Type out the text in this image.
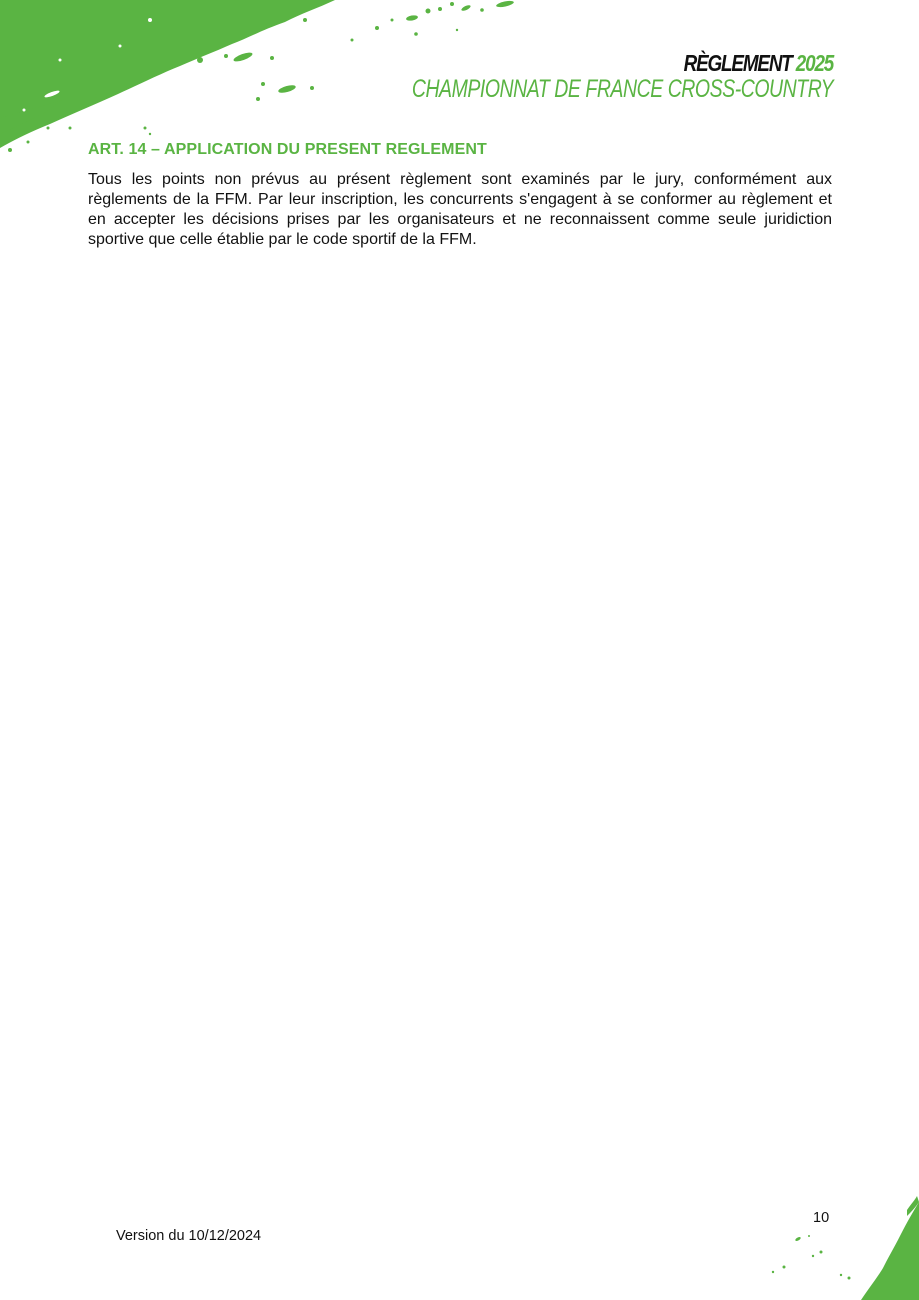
RÈGLEMENT 2025
CHAMPIONNAT DE FRANCE CROSS-COUNTRY
ART. 14 – APPLICATION DU PRESENT REGLEMENT

Tous les points non prévus au présent règlement sont examinés par le jury, conformément aux règlements de la FFM. Par leur inscription, les concurrents s'engagent à se conformer au règlement et en accepter les décisions prises par les organisateurs et ne reconnaissent comme seule juridiction sportive que celle établie par le code sportif de la FFM.

Version du 10/12/2024
10
